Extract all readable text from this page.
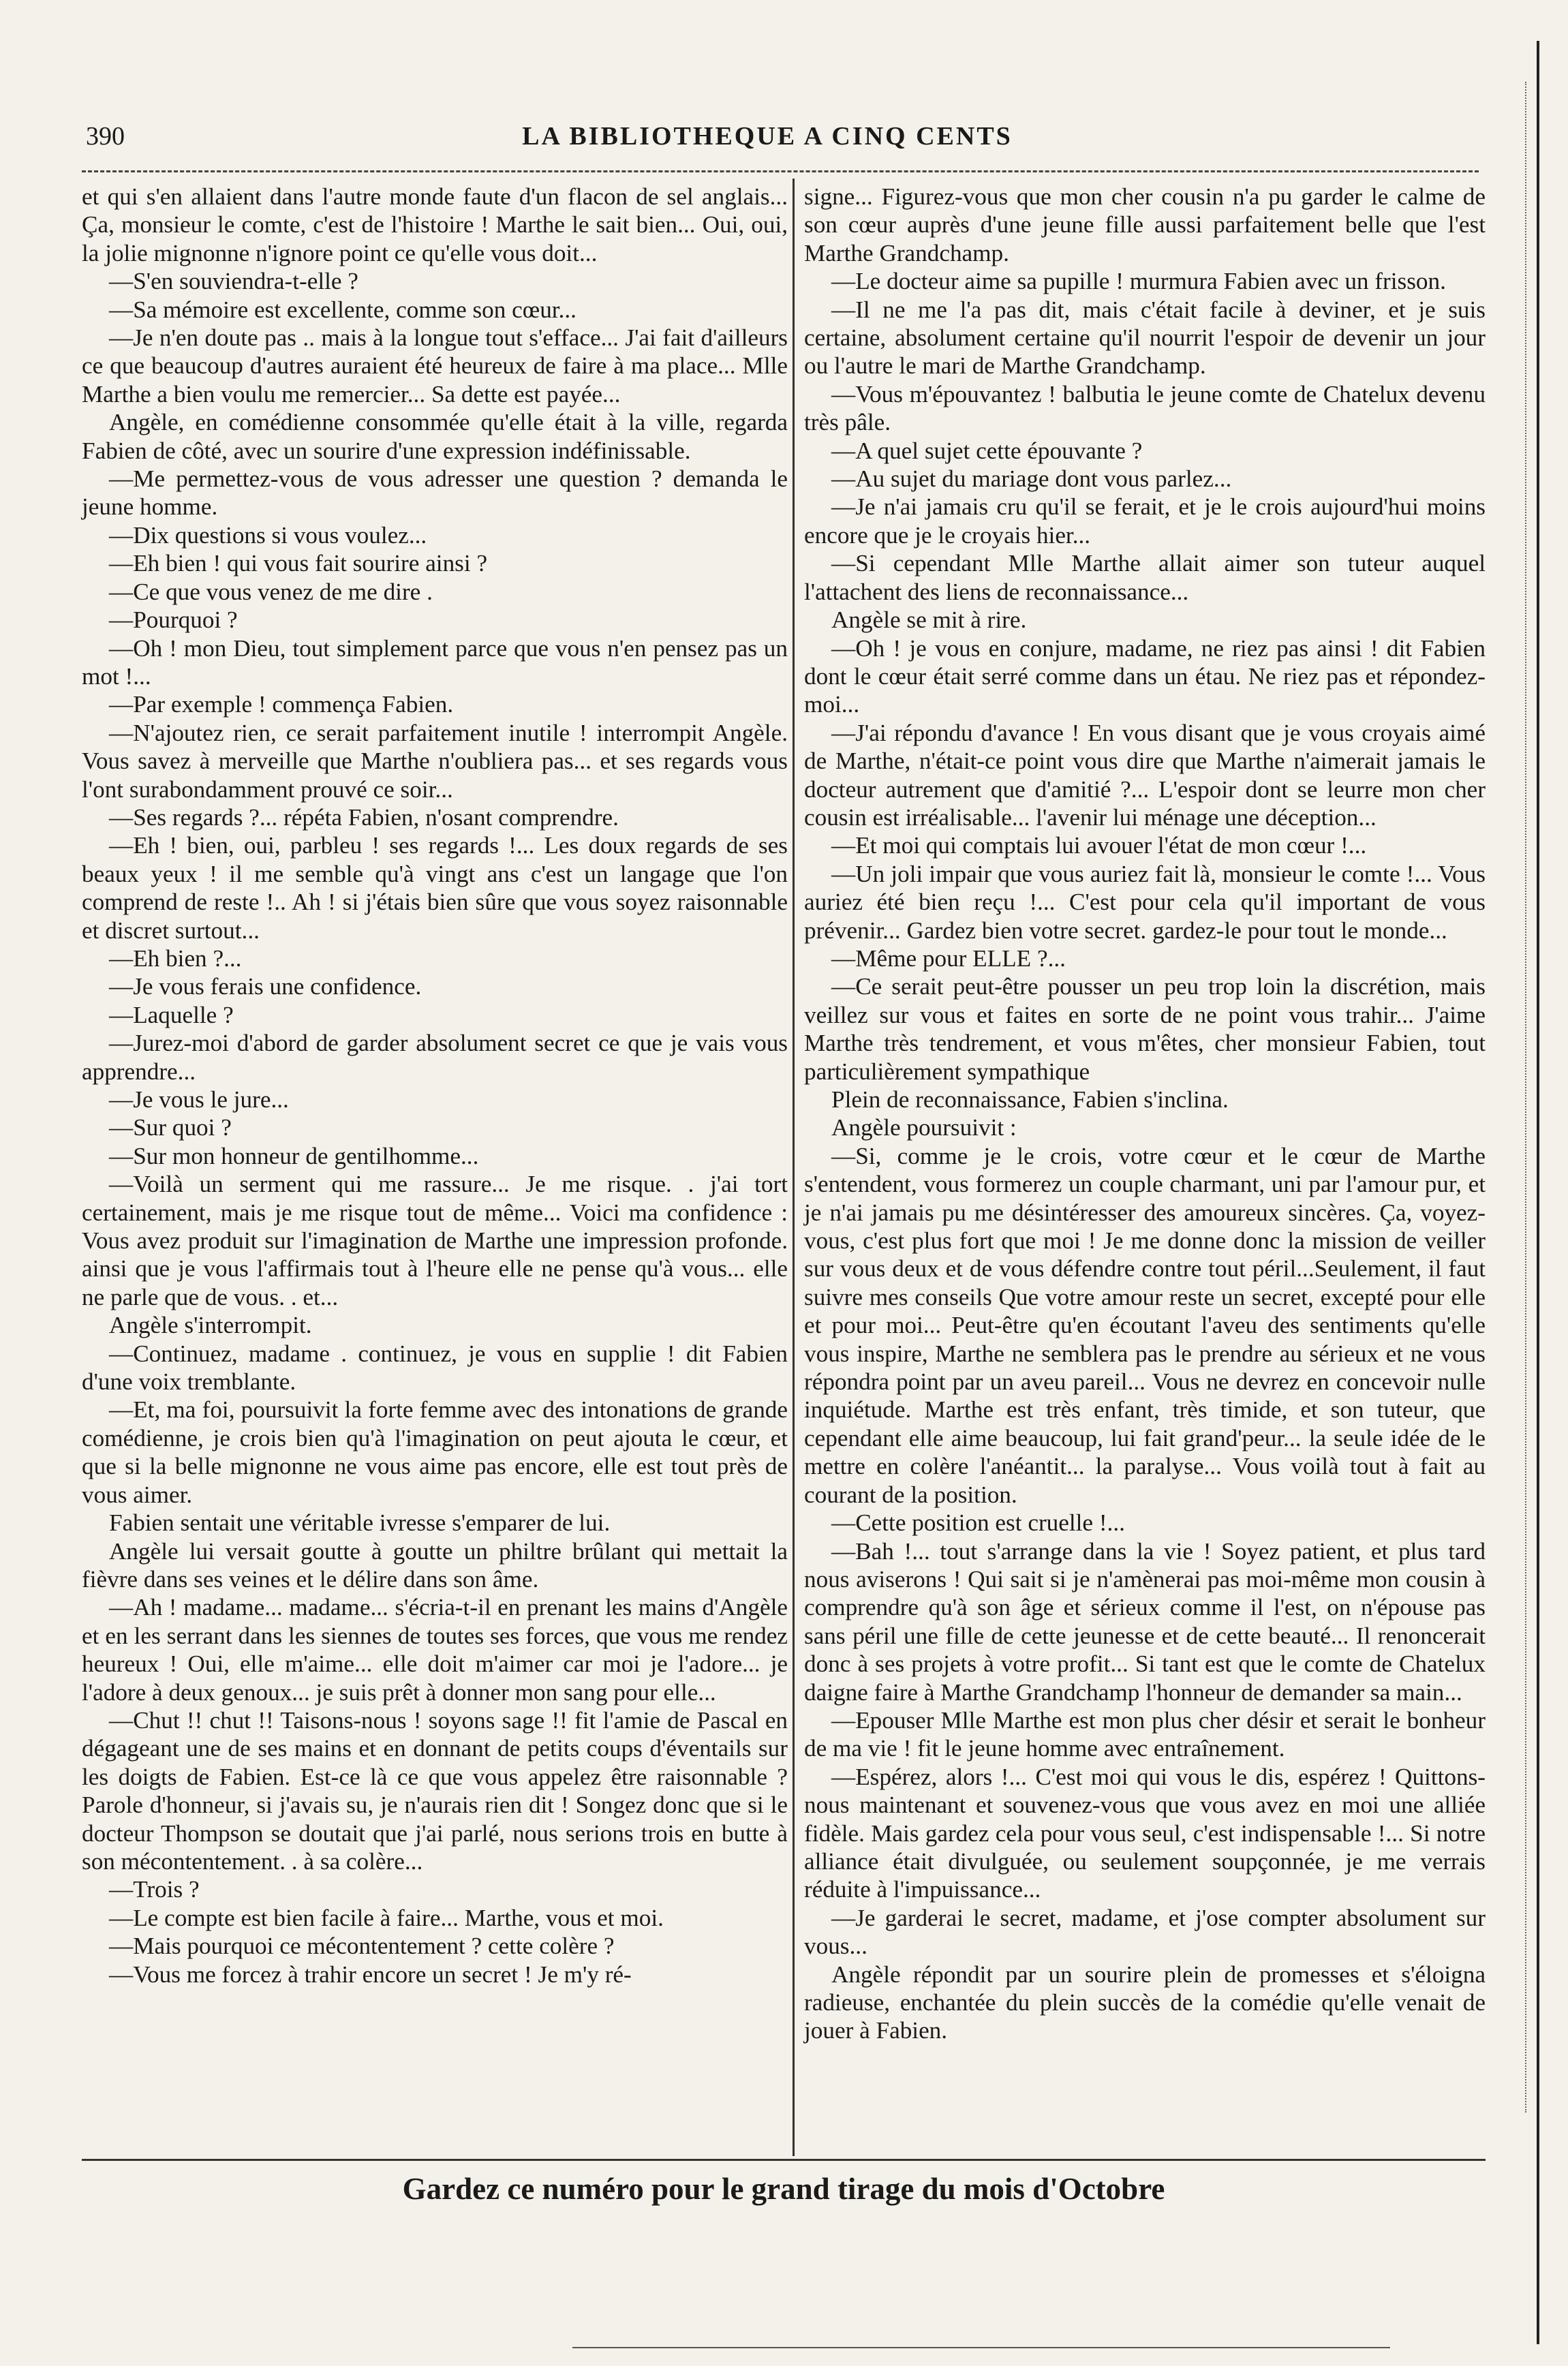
390	LA BIBLIOTHEQUE A CINQ CENTS

et qui s'en allaient dans l'autre monde faute d'un flacon de sel anglais... Ça, monsieur le comte, c'est de l'histoire ! Marthe le sait bien... Oui, oui, la jolie mignonne n'ignore point ce qu'elle vous doit...

—S'en souviendra-t-elle ?

—Sa mémoire est excellente, comme son cœur...

—Je n'en doute pas .. mais à la longue tout s'efface... J'ai fait d'ailleurs ce que beaucoup d'autres auraient été heureux de faire à ma place... Mlle Marthe a bien voulu me remercier... Sa dette est payée...

Angèle, en comédienne consommée qu'elle était à la ville, regarda Fabien de côté, avec un sourire d'une expression indéfinissable.

—Me permettez-vous de vous adresser une question ? demanda le jeune homme.

—Dix questions si vous voulez...

—Eh bien ! qui vous fait sourire ainsi ?

—Ce que vous venez de me dire .

—Pourquoi ?

—Oh ! mon Dieu, tout simplement parce que vous n'en pensez pas un mot !...

—Par exemple ! commença Fabien.

—N'ajoutez rien, ce serait parfaitement inutile ! interrompit Angèle. Vous savez à merveille que Marthe n'oubliera pas... et ses regards vous l'ont surabondamment prouvé ce soir...

—Ses regards ?... répéta Fabien, n'osant comprendre.

—Eh ! bien, oui, parbleu ! ses regards !... Les doux regards de ses beaux yeux ! il me semble qu'à vingt ans c'est un langage que l'on comprend de reste !.. Ah ! si j'étais bien sûre que vous soyez raisonnable et discret surtout...

—Eh bien ?...

—Je vous ferais une confidence.

—Laquelle ?

—Jurez-moi d'abord de garder absolument secret ce que je vais vous apprendre...

—Je vous le jure...

—Sur quoi ?

—Sur mon honneur de gentilhomme...

—Voilà un serment qui me rassure... Je me risque. . j'ai tort certainement, mais je me risque tout de même... Voici ma confidence : Vous avez produit sur l'imagination de Marthe une impression profonde. ainsi que je vous l'affirmais tout à l'heure elle ne pense qu'à vous... elle ne parle que de vous. . et...

Angèle s'interrompit.

—Continuez, madame . continuez, je vous en supplie ! dit Fabien d'une voix tremblante.

—Et, ma foi, poursuivit la forte femme avec des intonations de grande comédienne, je crois bien qu'à l'imagination on peut ajouta le cœur, et que si la belle mignonne ne vous aime pas encore, elle est tout près de vous aimer.

Fabien sentait une véritable ivresse s'emparer de lui.

Angèle lui versait goutte à goutte un philtre brûlant qui mettait la fièvre dans ses veines et le délire dans son âme.

—Ah ! madame... madame... s'écria-t-il en prenant les mains d'Angèle et en les serrant dans les siennes de toutes ses forces, que vous me rendez heureux ! Oui, elle m'aime... elle doit m'aimer car moi je l'adore... je l'adore à deux genoux... je suis prêt à donner mon sang pour elle...

—Chut !! chut !! Taisons-nous ! soyons sage !! fit l'amie de Pascal en dégageant une de ses mains et en donnant de petits coups d'éventails sur les doigts de Fabien. Est-ce là ce que vous appelez être raisonnable ? Parole d'honneur, si j'avais su, je n'aurais rien dit ! Songez donc que si le docteur Thompson se doutait que j'ai parlé, nous serions trois en butte à son mécontentement. . à sa colère...

—Trois ?

—Le compte est bien facile à faire... Marthe, vous et moi.

—Mais pourquoi ce mécontentement ? cette colère ?

—Vous me forcez à trahir encore un secret ! Je m'y ré-

signe... Figurez-vous que mon cher cousin n'a pu garder le calme de son cœur auprès d'une jeune fille aussi parfaitement belle que l'est Marthe Grandchamp.

—Le docteur aime sa pupille ! murmura Fabien avec un frisson.

—Il ne me l'a pas dit, mais c'était facile à deviner, et je suis certaine, absolument certaine qu'il nourrit l'espoir de devenir un jour ou l'autre le mari de Marthe Grandchamp.

—Vous m'épouvantez ! balbutia le jeune comte de Chatelux devenu très pâle.

—A quel sujet cette épouvante ?

—Au sujet du mariage dont vous parlez...

—Je n'ai jamais cru qu'il se ferait, et je le crois aujourd'hui moins encore que je le croyais hier...

—Si cependant Mlle Marthe allait aimer son tuteur auquel l'attachent des liens de reconnaissance...

Angèle se mit à rire.

—Oh ! je vous en conjure, madame, ne riez pas ainsi ! dit Fabien dont le cœur était serré comme dans un étau. Ne riez pas et répondez-moi...

—J'ai répondu d'avance ! En vous disant que je vous croyais aimé de Marthe, n'était-ce point vous dire que Marthe n'aimerait jamais le docteur autrement que d'amitié ?... L'espoir dont se leurre mon cher cousin est irréalisable... l'avenir lui ménage une déception...

—Et moi qui comptais lui avouer l'état de mon cœur !...

—Un joli impair que vous auriez fait là, monsieur le comte !... Vous auriez été bien reçu !... C'est pour cela qu'il important de vous prévenir... Gardez bien votre secret. gardez-le pour tout le monde...

—Même pour ELLE ?...

—Ce serait peut-être pousser un peu trop loin la discrétion, mais veillez sur vous et faites en sorte de ne point vous trahir... J'aime Marthe très tendrement, et vous m'êtes, cher monsieur Fabien, tout particulièrement sympathique

Plein de reconnaissance, Fabien s'inclina.

Angèle poursuivit :

—Si, comme je le crois, votre cœur et le cœur de Marthe s'entendent, vous formerez un couple charmant, uni par l'amour pur, et je n'ai jamais pu me désintéresser des amoureux sincères. Ça, voyez-vous, c'est plus fort que moi ! Je me donne donc la mission de veiller sur vous deux et de vous défendre contre tout péril...Seulement, il faut suivre mes conseils Que votre amour reste un secret, excepté pour elle et pour moi... Peut-être qu'en écoutant l'aveu des sentiments qu'elle vous inspire, Marthe ne semblera pas le prendre au sérieux et ne vous répondra point par un aveu pareil... Vous ne devrez en concevoir nulle inquiétude. Marthe est très enfant, très timide, et son tuteur, que cependant elle aime beaucoup, lui fait grand'peur... la seule idée de le mettre en colère l'anéantit... la paralyse... Vous voilà tout à fait au courant de la position.

—Cette position est cruelle !...

—Bah !... tout s'arrange dans la vie ! Soyez patient, et plus tard nous aviserons ! Qui sait si je n'amènerai pas moi-même mon cousin à comprendre qu'à son âge et sérieux comme il l'est, on n'épouse pas sans péril une fille de cette jeunesse et de cette beauté... Il renoncerait donc à ses projets à votre profit... Si tant est que le comte de Chatelux daigne faire à Marthe Grandchamp l'honneur de demander sa main...

—Epouser Mlle Marthe est mon plus cher désir et serait le bonheur de ma vie ! fit le jeune homme avec entraînement.

—Espérez, alors !... C'est moi qui vous le dis, espérez ! Quittons-nous maintenant et souvenez-vous que vous avez en moi une alliée fidèle. Mais gardez cela pour vous seul, c'est indispensable !... Si notre alliance était divulguée, ou seulement soupçonnée, je me verrais réduite à l'impuissance...

—Je garderai le secret, madame, et j'ose compter absolument sur vous...

Angèle répondit par un sourire plein de promesses et s'éloigna radieuse, enchantée du plein succès de la comédie qu'elle venait de jouer à Fabien.

Gardez ce numéro pour le grand tirage du mois d'Octobre
